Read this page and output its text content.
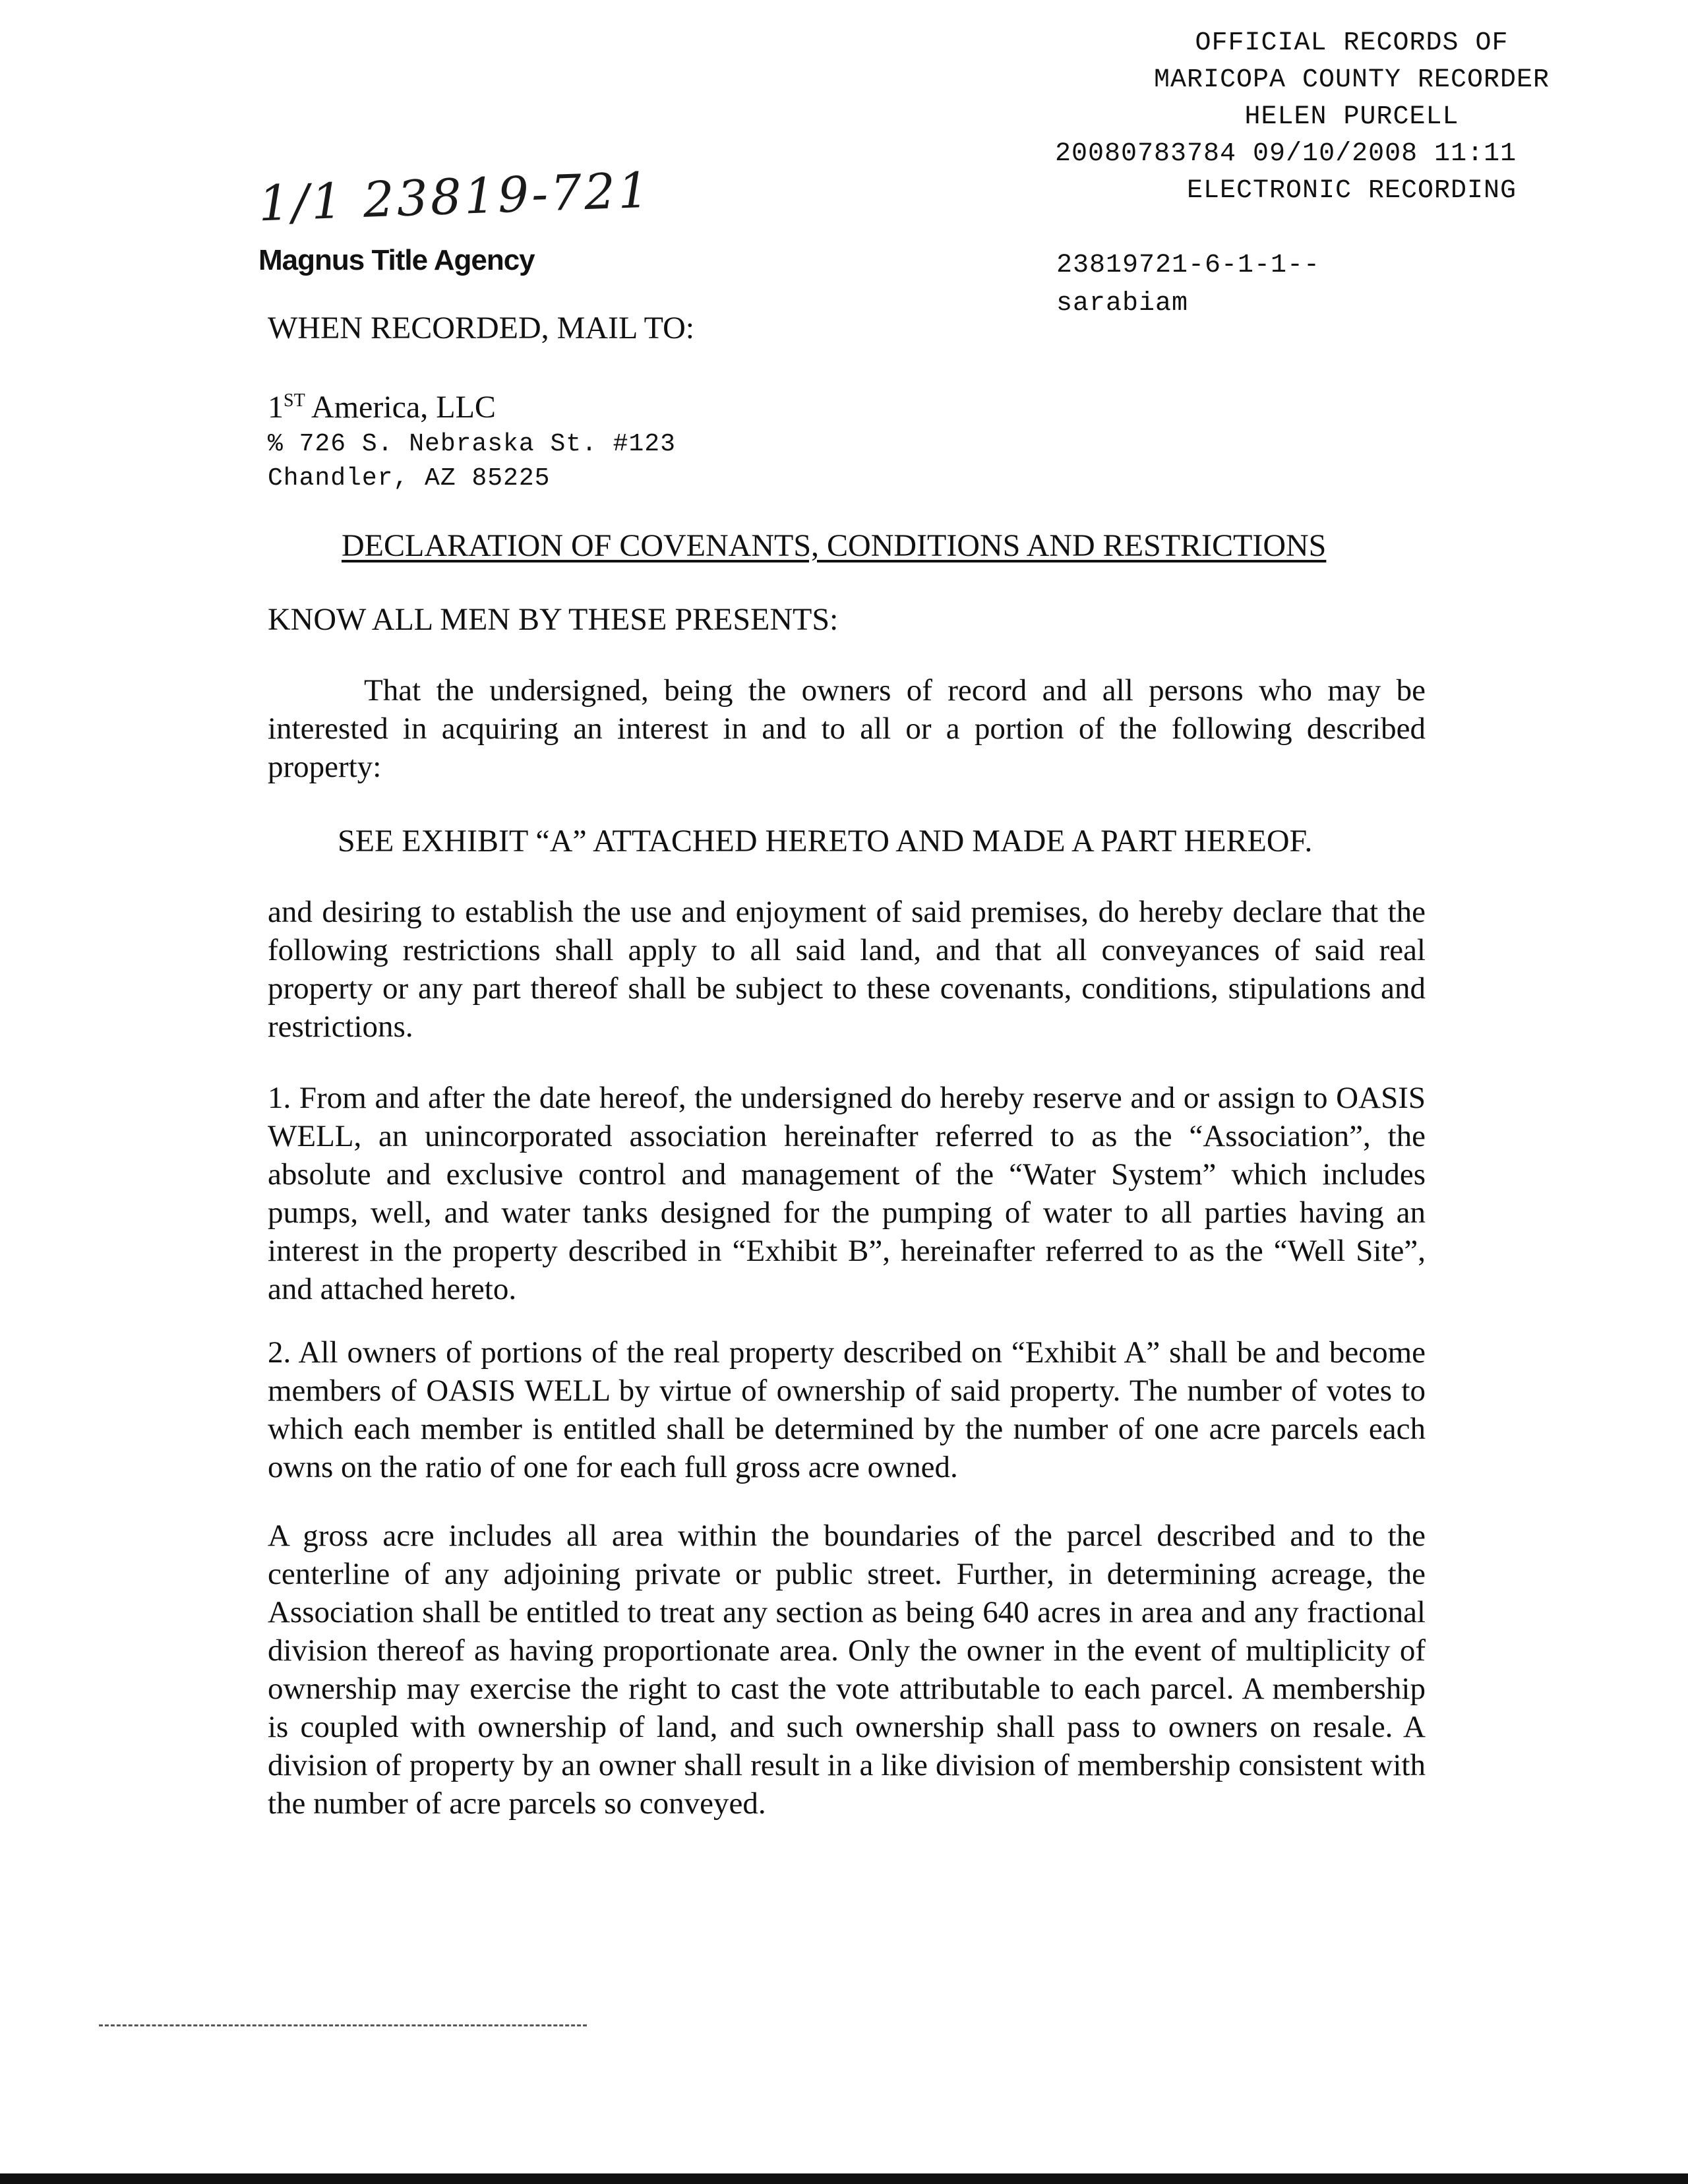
OFFICIAL RECORDS OF
MARICOPA COUNTY RECORDER
HELEN PURCELL
20080783784 09/10/2008 11:11
ELECTRONIC RECORDING
23819721-6-1-1--
sarabiam
1/1 23819-721
Magnus Title Agency
WHEN RECORDED, MAIL TO:
1ST America, LLC
% 726 S. Nebraska St. #123
Chandler, AZ 85225
DECLARATION OF COVENANTS, CONDITIONS AND RESTRICTIONS
KNOW ALL MEN BY THESE PRESENTS:
That the undersigned, being the owners of record and all persons who may be interested in acquiring an interest in and to all or a portion of the following described property:
SEE EXHIBIT “A” ATTACHED HERETO AND MADE A PART HEREOF.
and desiring to establish the use and enjoyment of said premises, do hereby declare that the following restrictions shall apply to all said land, and that all conveyances of said real property or any part thereof shall be subject to these covenants, conditions, stipulations and restrictions.
1. From and after the date hereof, the undersigned do hereby reserve and or assign to OASIS WELL, an unincorporated association hereinafter referred to as the “Association”, the absolute and exclusive control and management of the “Water System” which includes pumps, well, and water tanks designed for the pumping of water to all parties having an interest in the property described in “Exhibit B”, hereinafter referred to as the “Well Site”, and attached hereto.
2. All owners of portions of the real property described on “Exhibit A” shall be and become members of OASIS WELL by virtue of ownership of said property. The number of votes to which each member is entitled shall be determined by the number of one acre parcels each owns on the ratio of one for each full gross acre owned.
A gross acre includes all area within the boundaries of the parcel described and to the centerline of any adjoining private or public street. Further, in determining acreage, the Association shall be entitled to treat any section as being 640 acres in area and any fractional division thereof as having proportionate area. Only the owner in the event of multiplicity of ownership may exercise the right to cast the vote attributable to each parcel. A membership is coupled with ownership of land, and such ownership shall pass to owners on resale. A division of property by an owner shall result in a like division of membership consistent with the number of acre parcels so conveyed.
